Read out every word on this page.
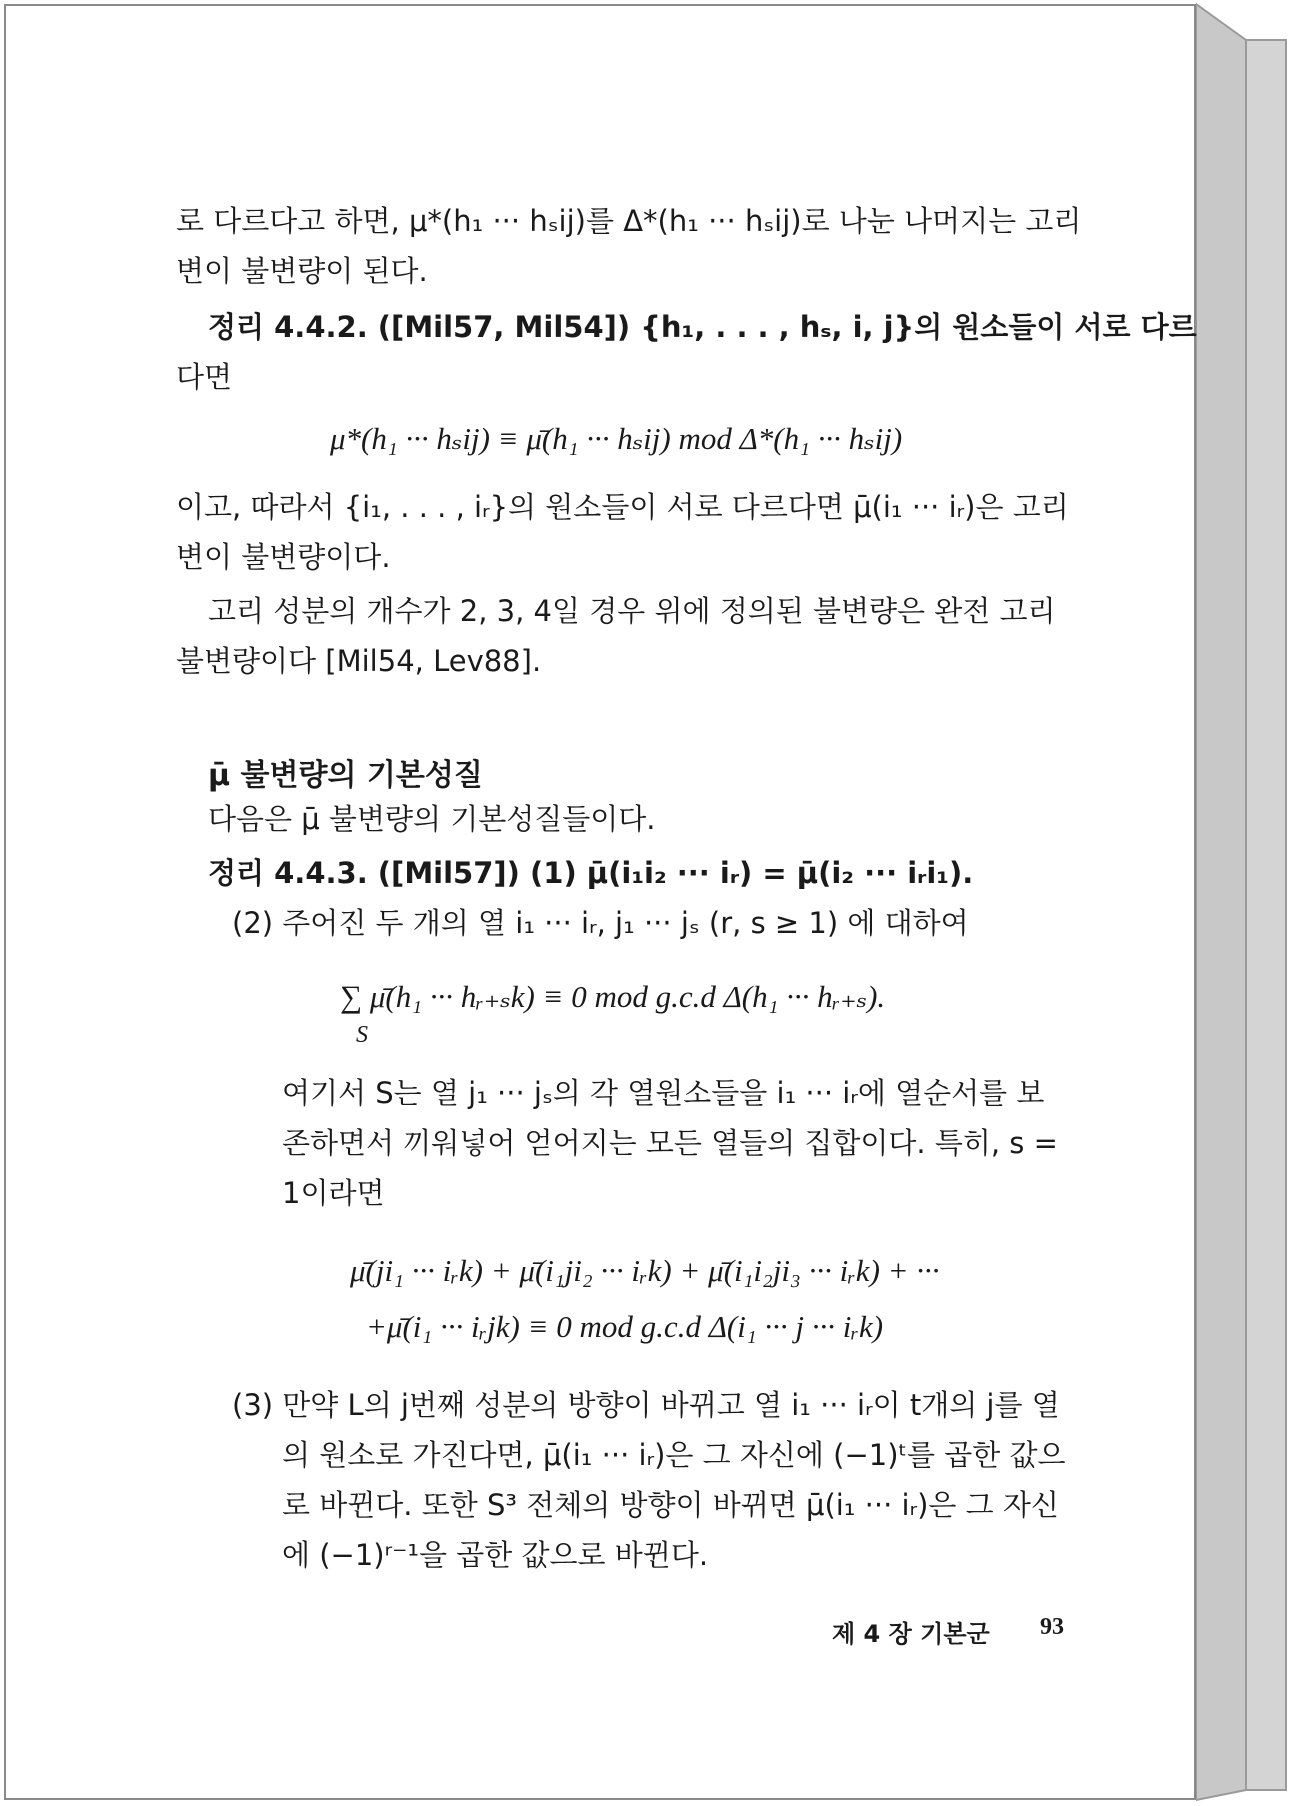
로 다르다고 하면, μ*(h₁ ··· hₛij)를 Δ*(h₁ ··· hₛij)로 나눈 나머지는 고리
변이 불변량이 된다.
정리 4.4.2. ([Mil57, Mil54]) {h₁, . . . , hₛ, i, j}의 원소들이 서로 다르
다면
μ*(h₁ ··· hₛij) ≡ μ̄(h₁ ··· hₛij) mod Δ*(h₁ ··· hₛij)
이고, 따라서 {i₁, . . . , iᵣ}의 원소들이 서로 다르다면 μ̄(i₁ ··· iᵣ)은 고리
변이 불변량이다.
고리 성분의 개수가 2, 3, 4일 경우 위에 정의된 불변량은 완전 고리
불변량이다 [Mil54, Lev88].
μ̄ 불변량의 기본성질
다음은 μ̄ 불변량의 기본성질들이다.
정리 4.4.3. ([Mil57]) (1) μ̄(i₁i₂ ··· iᵣ) = μ̄(i₂ ··· iᵣi₁).
(2) 주어진 두 개의 열 i₁ ··· iᵣ, j₁ ··· jₛ (r, s ≥ 1) 에 대하여
∑ μ̄(h₁ ··· hᵣ₊ₛk) ≡ 0 mod g.c.d Δ(h₁ ··· hᵣ₊ₛ).
S
여기서 S는 열 j₁ ··· jₛ의 각 열원소들을 i₁ ··· iᵣ에 열순서를 보
존하면서 끼워넣어 얻어지는 모든 열들의 집합이다. 특히, s =
1이라면
μ̄(ji₁ ··· iᵣk) + μ̄(i₁ji₂ ··· iᵣk) + μ̄(i₁i₂ji₃ ··· iᵣk) + ···
+μ̄(i₁ ··· iᵣjk) ≡ 0 mod g.c.d Δ(i₁ ··· j ··· iᵣk)
(3) 만약 L의 j번째 성분의 방향이 바뀌고 열 i₁ ··· iᵣ이 t개의 j를 열
의 원소로 가진다면, μ̄(i₁ ··· iᵣ)은 그 자신에 (−1)ᵗ를 곱한 값으
로 바뀐다. 또한 S³ 전체의 방향이 바뀌면 μ̄(i₁ ··· iᵣ)은 그 자신
에 (−1)ʳ⁻¹을 곱한 값으로 바뀐다.
제 4 장 기본군 93
